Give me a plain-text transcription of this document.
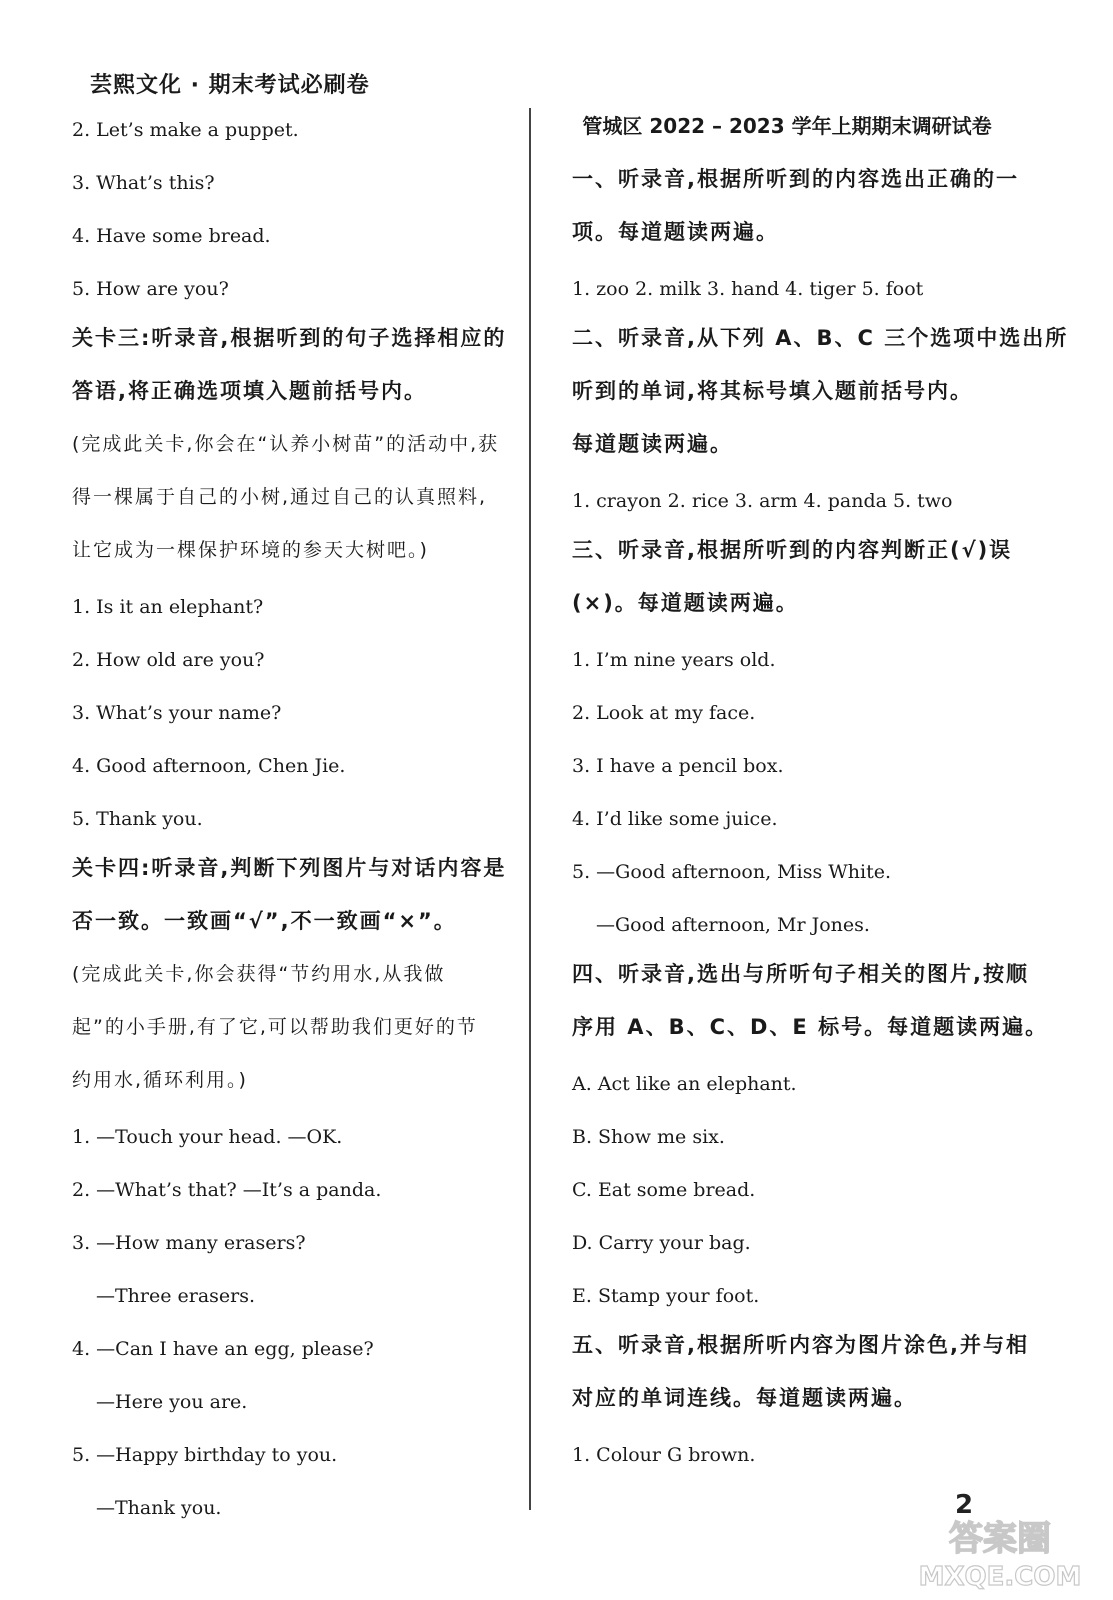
芸熙文化 · 期末考试必刷卷
2. Let’s make a puppet.
3. What’s this?
4. Have some bread.
5. How are you?
关卡三:听录音,根据听到的句子选择相应的
答语,将正确选项填入题前括号内。
(完成此关卡,你会在“认养小树苗”的活动中,获
得一棵属于自己的小树,通过自己的认真照料,
让它成为一棵保护环境的参天大树吧。)
1. Is it an elephant?
2. How old are you?
3. What’s your name?
4. Good afternoon, Chen Jie.
5. Thank you.
关卡四:听录音,判断下列图片与对话内容是
否一致。一致画“√”,不一致画“×”。
(完成此关卡,你会获得“节约用水,从我做
起”的小手册,有了它,可以帮助我们更好的节
约用水,循环利用。)
1. —Touch your head. —OK.
2. —What’s that? —It’s a panda.
3. —How many erasers?
—Three erasers.
4. —Can I have an egg, please?
—Here you are.
5. —Happy birthday to you.
—Thank you.
管城区 2022 – 2023 学年上期期末调研试卷
一、听录音,根据所听到的内容选出正确的一
项。每道题读两遍。
1. zoo 2. milk 3. hand 4. tiger 5. foot
二、听录音,从下列 A、B、C 三个选项中选出所
听到的单词,将其标号填入题前括号内。
每道题读两遍。
1. crayon 2. rice 3. arm 4. panda 5. two
三、听录音,根据所听到的内容判断正(√)误
(×)。每道题读两遍。
1. I’m nine years old.
2. Look at my face.
3. I have a pencil box.
4. I’d like some juice.
5. —Good afternoon, Miss White.
—Good afternoon, Mr Jones.
四、听录音,选出与所听句子相关的图片,按顺
序用 A、B、C、D、E 标号。每道题读两遍。
A. Act like an elephant.
B. Show me six.
C. Eat some bread.
D. Carry your bag.
E. Stamp your foot.
五、听录音,根据所听内容为图片涂色,并与相
对应的单词连线。每道题读两遍。
1. Colour G brown.
2
答案圈
MXQE.COM
